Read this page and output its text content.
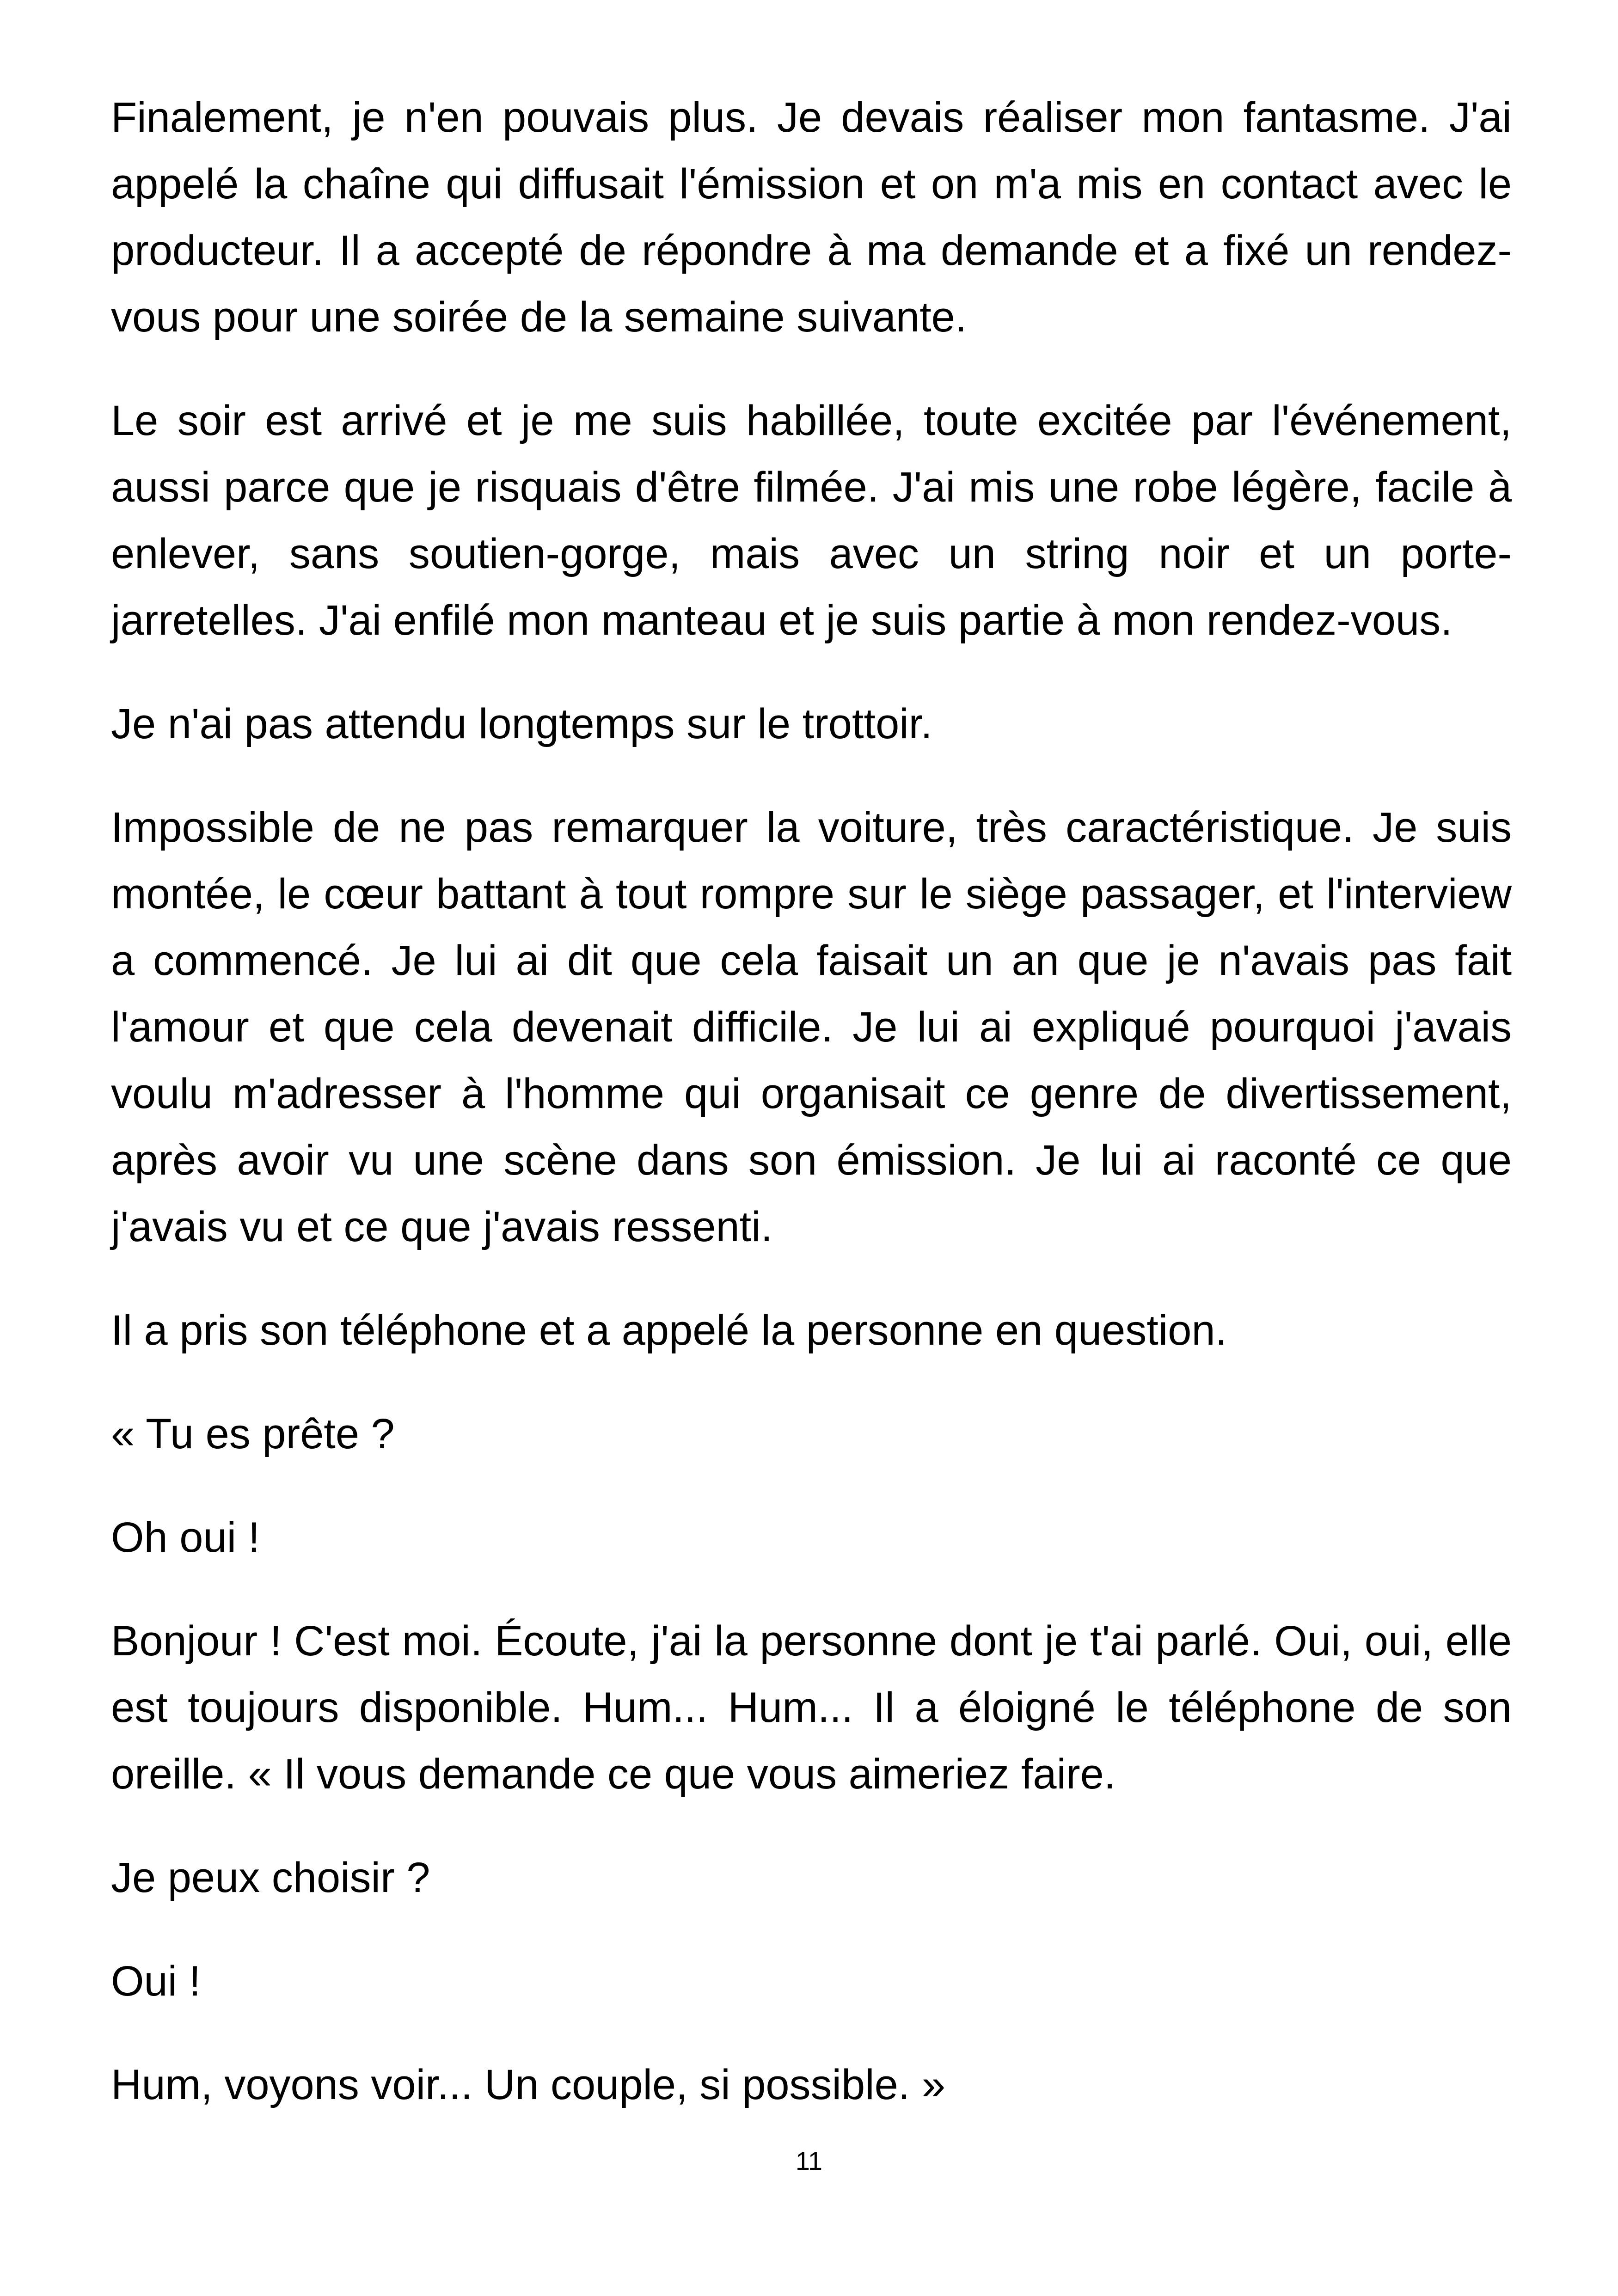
Finalement, je n'en pouvais plus. Je devais réaliser mon fantasme. J'ai appelé la chaîne qui diffusait l'émission et on m'a mis en contact avec le producteur. Il a accepté de répondre à ma demande et a fixé un rendez-vous pour une soirée de la semaine suivante.

Le soir est arrivé et je me suis habillée, toute excitée par l'événement, aussi parce que je risquais d'être filmée. J'ai mis une robe légère, facile à enlever, sans soutien-gorge, mais avec un string noir et un porte-jarretelles. J'ai enfilé mon manteau et je suis partie à mon rendez-vous.

Je n'ai pas attendu longtemps sur le trottoir.

Impossible de ne pas remarquer la voiture, très caractéristique. Je suis montée, le cœur battant à tout rompre sur le siège passager, et l'interview a commencé. Je lui ai dit que cela faisait un an que je n'avais pas fait l'amour et que cela devenait difficile. Je lui ai expliqué pourquoi j'avais voulu m'adresser à l'homme qui organisait ce genre de divertissement, après avoir vu une scène dans son émission. Je lui ai raconté ce que j'avais vu et ce que j'avais ressenti.

Il a pris son téléphone et a appelé la personne en question.

« Tu es prête ?

Oh oui !

Bonjour ! C'est moi. Écoute, j'ai la personne dont je t'ai parlé. Oui, oui, elle est toujours disponible. Hum... Hum... Il a éloigné le téléphone de son oreille. « Il vous demande ce que vous aimeriez faire.

Je peux choisir ?

Oui !

Hum, voyons voir... Un couple, si possible. »

11
